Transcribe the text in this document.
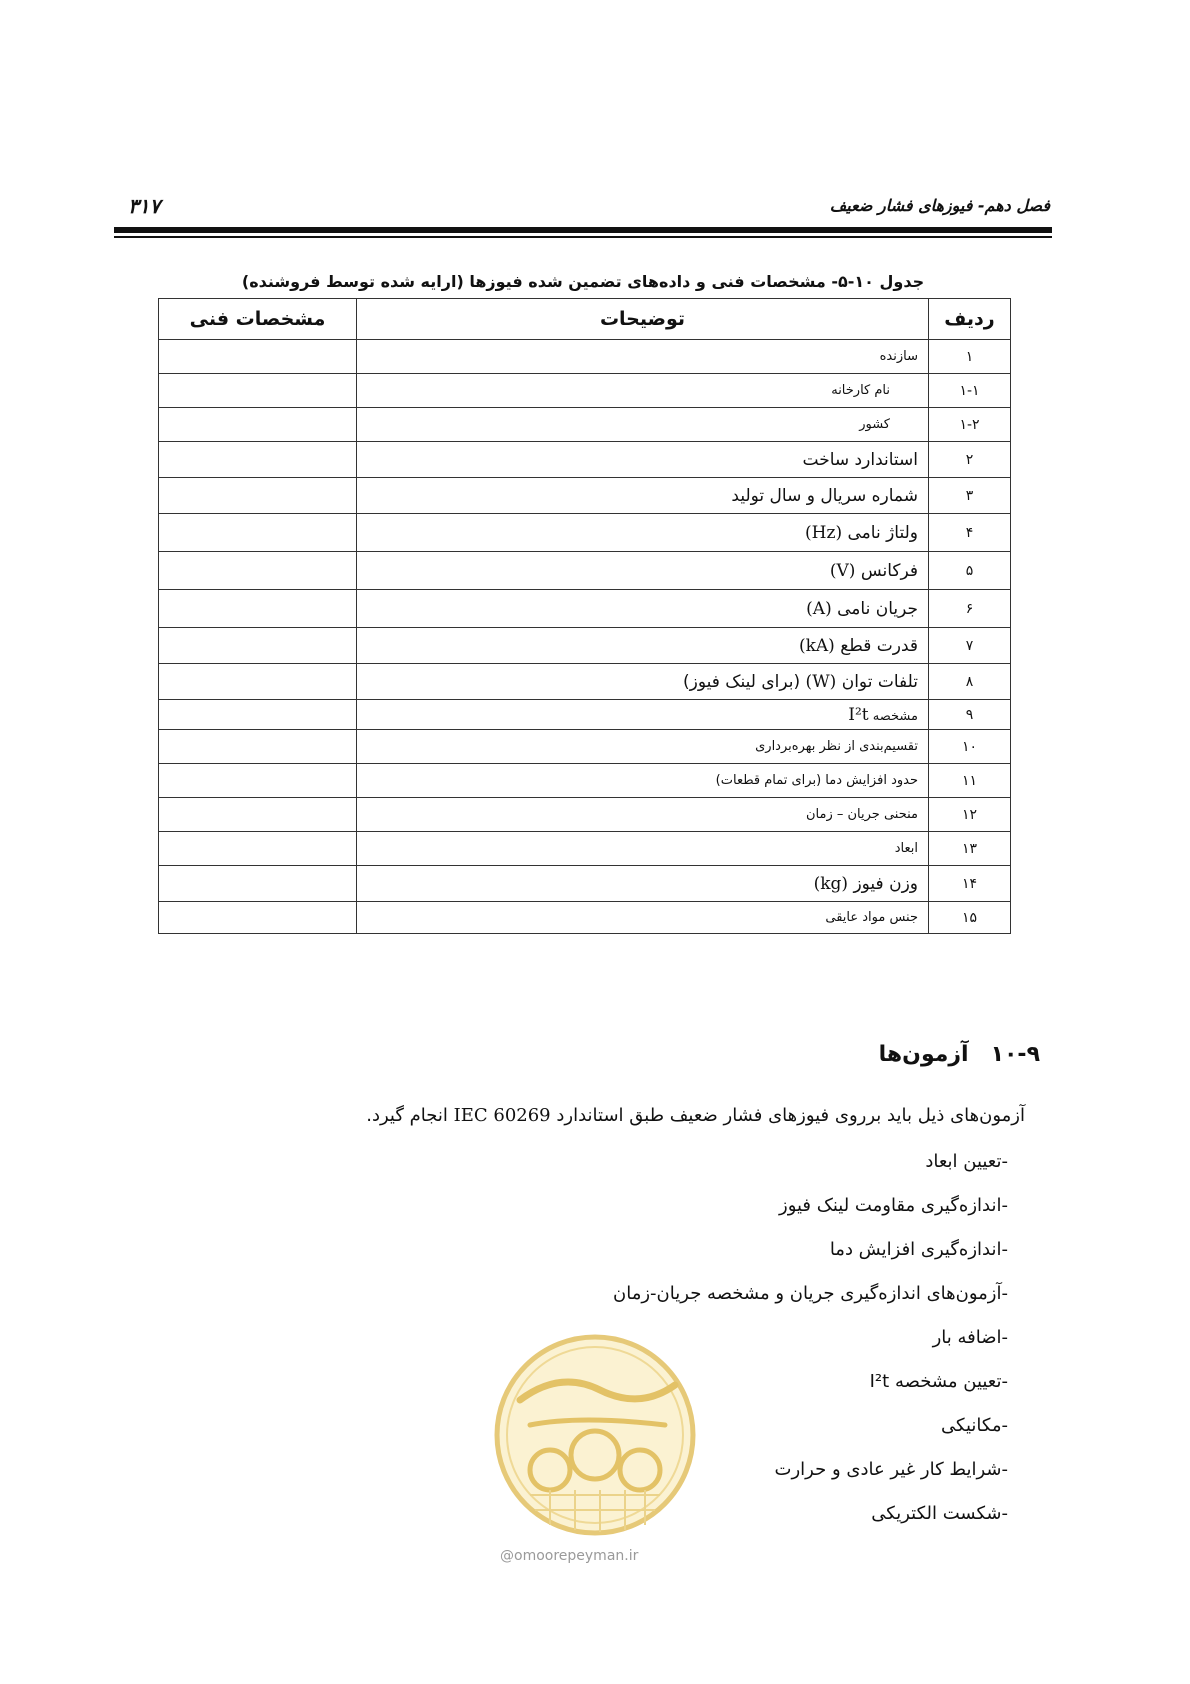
فصل دهم- فیوزهای فشار ضعیف
۳۱۷
جدول ۱۰-۵- مشخصات فنی و داده‌های تضمین شده فیوزها (ارایه شده توسط فروشنده)
ردیف	توضیحات	مشخصات فنی
۱	سازنده	
۱-۱	نام کارخانه	
۱-۲	کشور	
۲	استاندارد ساخت	
۳	شماره سریال و سال تولید	
۴	ولتاژ نامی (Hz)	
۵	فرکانس (V)	
۶	جریان نامی (A)	
۷	قدرت قطع (kA)	
۸	تلفات توان (W) (برای لینک فیوز)	
۹	مشخصه I²t	
۱۰	تقسیم‌بندی از نظر بهره‌برداری	
۱۱	حدود افزایش دما (برای تمام قطعات)	
۱۲	منحنی جریان – زمان	
۱۳	ابعاد	
۱۴	وزن فیوز (kg)	
۱۵	جنس مواد عایقی	
۱۰-۹آزمون‌ها
آزمون‌های ذیل باید برروی فیوزهای فشار ضعیف طبق استاندارد IEC 60269 انجام گیرد.
-تعیین ابعاد
-اندازه‌گیری مقاومت لینک فیوز
-اندازه‌گیری افزایش دما
-آزمون‌های اندازه‌گیری جریان و مشخصه جریان-زمان
-اضافه بار
-تعیین مشخصه I²t
-مکانیکی
-شرایط کار غیر عادی و حرارت
-شکست الکتریکی
@omoorepeyman.ir
